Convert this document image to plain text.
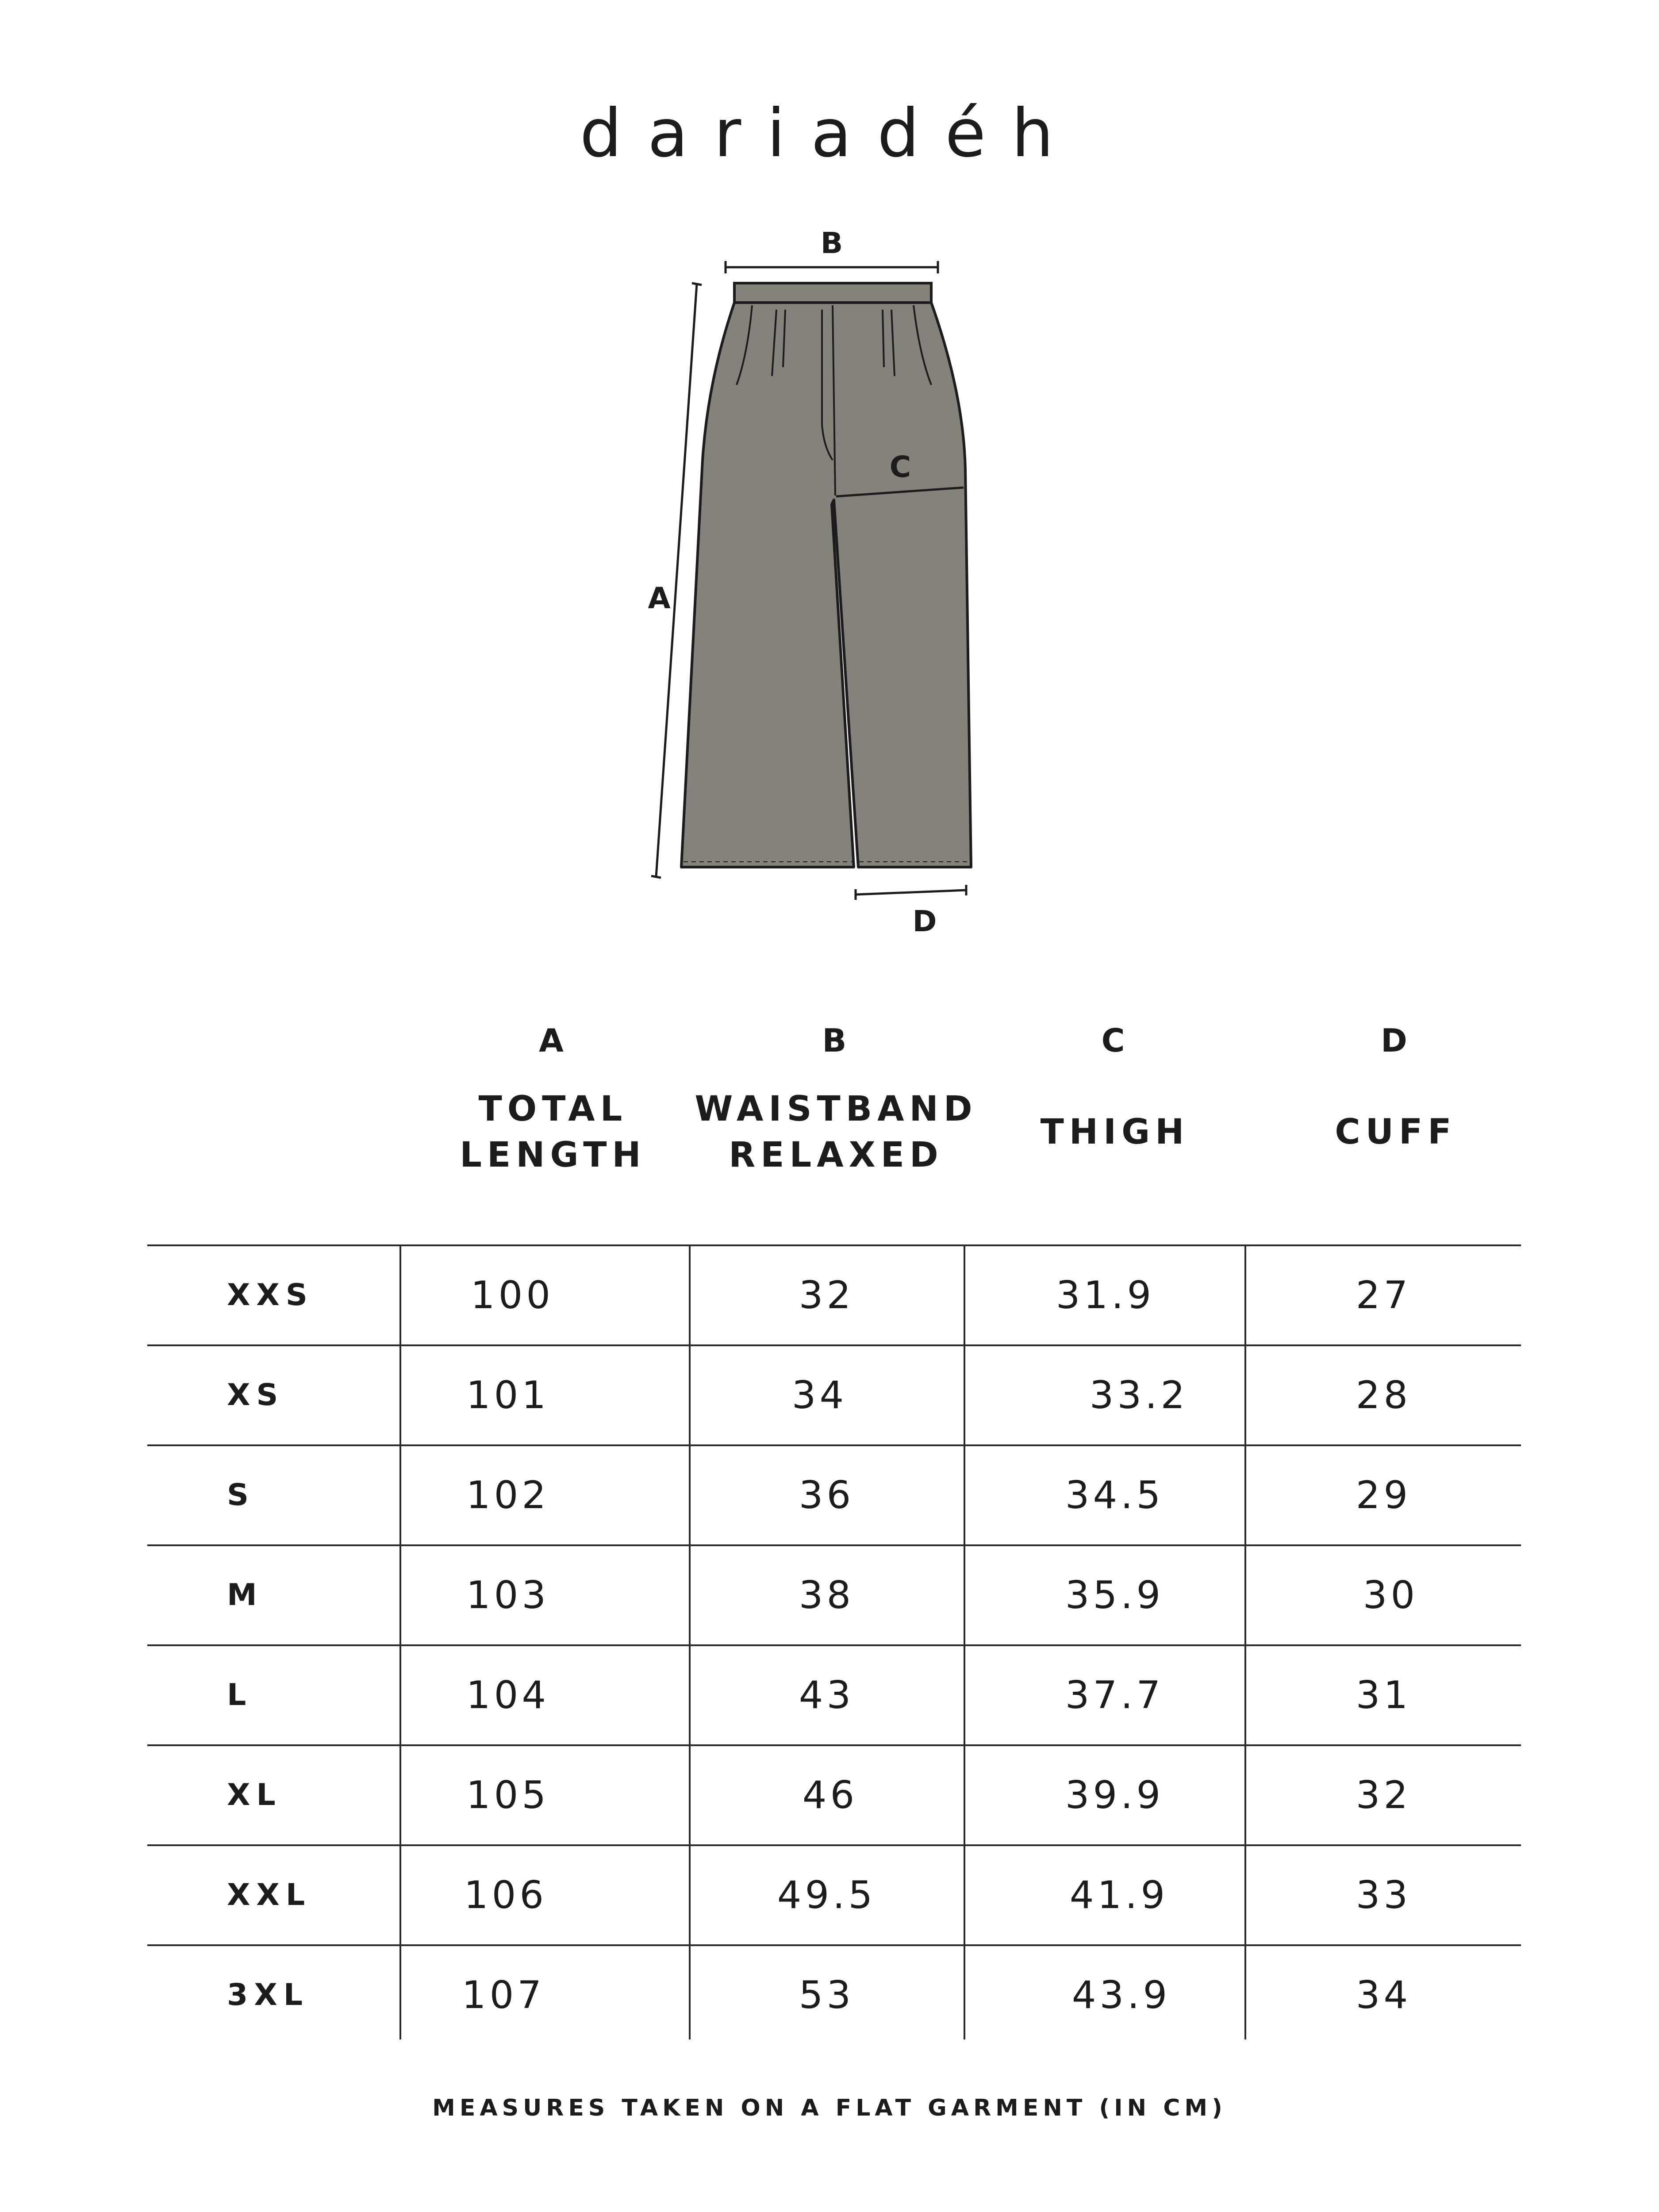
dariadéh
B
A
C
D
A
TOTAL
LENGTH
B
WAISTBAND
RELAXED
C
THIGH
D
CUFF
XXS	100	32	31.9	27
XS	101	34	33.2	28
S	102	36	34.5	29
M	103	38	35.9	30
L	104	43	37.7	31
XL	105	46	39.9	32
XXL	106	49.5	41.9	33
3XL	107	53	43.9	34
MEASURES TAKEN ON A FLAT GARMENT (IN CM)
